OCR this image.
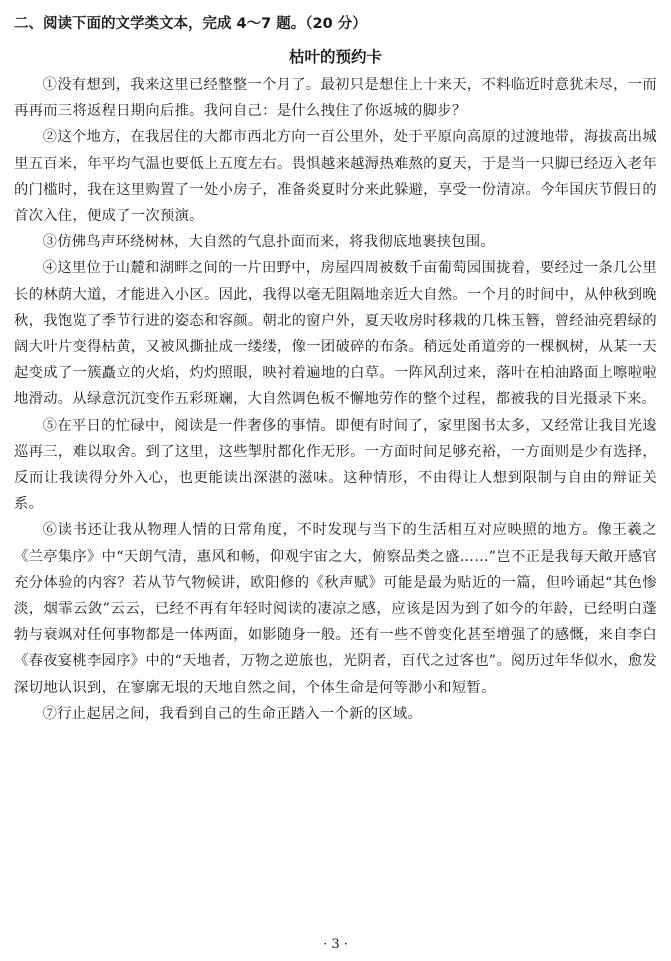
二、阅读下面的文学类文本，完成 4～7 题。（20 分）
枯叶的预约卡

①没有想到，我来这里已经整整一个月了。最初只是想住上十来天，不料临近时意犹未尽，一而再再而三将返程日期向后推。我问自己：是什么拽住了你返城的脚步？

②这个地方，在我居住的大都市西北方向一百公里外，处于平原向高原的过渡地带，海拔高出城里五百米，年平均气温也要低上五度左右。畏惧越来越溽热难熬的夏天，于是当一只脚已经迈入老年的门槛时，我在这里购置了一处小房子，准备炎夏时分来此躲避，享受一份清凉。今年国庆节假日的首次入住，便成了一次预演。

③仿佛鸟声环绕树林，大自然的气息扑面而来，将我彻底地裹挟包围。

④这里位于山麓和湖畔之间的一片田野中，房屋四周被数千亩葡萄园围拢着，要经过一条几公里长的林荫大道，才能进入小区。因此，我得以毫无阻隔地亲近大自然。一个月的时间中，从仲秋到晚秋，我饱览了季节行进的姿态和容颜。朝北的窗户外，夏天收房时移栽的几株玉簪，曾经油亮碧绿的阔大叶片变得枯黄，又被风撕扯成一缕缕，像一团破碎的布条。稍远处甬道旁的一棵枫树，从某一天起变成了一簇矗立的火焰，灼灼照眼，映衬着遍地的白草。一阵风刮过来，落叶在柏油路面上嚓啦啦地滑动。从绿意沉沉变作五彩斑斓，大自然调色板不懈地劳作的整个过程，都被我的目光摄录下来。

⑤在平日的忙碌中，阅读是一件奢侈的事情。即便有时间了，家里图书太多，又经常让我目光逡巡再三，难以取舍。到了这里，这些掣肘都化作无形。一方面时间足够充裕，一方面则是少有选择，反而让我读得分外入心，也更能读出深湛的滋味。这种情形，不由得让人想到限制与自由的辩证关系。

⑥读书还让我从物理人情的日常角度，不时发现与当下的生活相互对应映照的地方。像王羲之《兰亭集序》中“天朗气清，惠风和畅，仰观宇宙之大，俯察品类之盛……”岂不正是我每天敞开感官充分体验的内容？若从节气物候讲，欧阳修的《秋声赋》可能是最为贴近的一篇，但吟诵起“其色惨淡，烟霏云敛”云云，已经不再有年轻时阅读的凄凉之感，应该是因为到了如今的年龄，已经明白蓬勃与衰飒对任何事物都是一体两面，如影随身一般。还有一些不曾变化甚至增强了的感慨，来自李白《春夜宴桃李园序》中的“天地者，万物之逆旅也，光阴者，百代之过客也”。阅历过年华似水，愈发深切地认识到，在寥廓无垠的天地自然之间，个体生命是何等渺小和短暂。

⑦行止起居之间，我看到自己的生命正踏入一个新的区域。

· 3 ·
